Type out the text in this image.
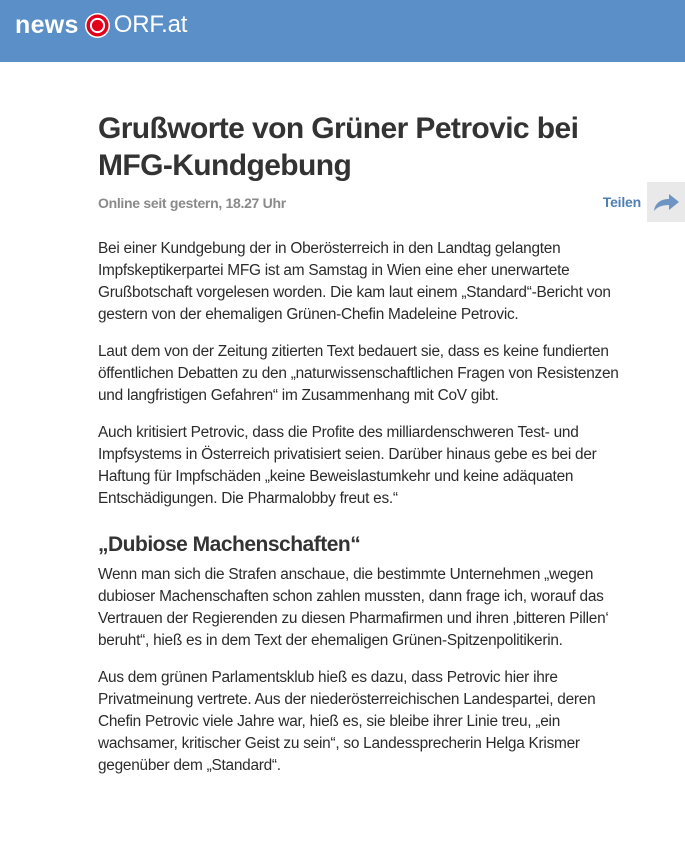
news ORF.at
Grußworte von Grüner Petrovic bei MFG-Kundgebung
Online seit gestern, 18.27 Uhr	Teilen

Bei einer Kundgebung der in Oberösterreich in den Landtag gelangten Impfskeptikerpartei MFG ist am Samstag in Wien eine eher unerwartete Grußbotschaft vorgelesen worden. Die kam laut einem „Standard“-Bericht von gestern von der ehemaligen Grünen-Chefin Madeleine Petrovic.

Laut dem von der Zeitung zitierten Text bedauert sie, dass es keine fundierten öffentlichen Debatten zu den „naturwissenschaftlichen Fragen von Resistenzen und langfristigen Gefahren“ im Zusammenhang mit CoV gibt.

Auch kritisiert Petrovic, dass die Profite des milliardenschweren Test- und Impfsystems in Österreich privatisiert seien. Darüber hinaus gebe es bei der Haftung für Impfschäden „keine Beweislastumkehr und keine adäquaten Entschädigungen. Die Pharmalobby freut es.“

„Dubiose Machenschaften“

Wenn man sich die Strafen anschaue, die bestimmte Unternehmen „wegen dubioser Machenschaften schon zahlen mussten, dann frage ich, worauf das Vertrauen der Regierenden zu diesen Pharmafirmen und ihren ‚bitteren Pillen‘ beruht“, hieß es in dem Text der ehemaligen Grünen-Spitzenpolitikerin.

Aus dem grünen Parlamentsklub hieß es dazu, dass Petrovic hier ihre Privatmeinung vertrete. Aus der niederösterreichischen Landespartei, deren Chefin Petrovic viele Jahre war, hieß es, sie bleibe ihrer Linie treu, „ein wachsamer, kritischer Geist zu sein“, so Landessprecherin Helga Krismer gegenüber dem „Standard“.
